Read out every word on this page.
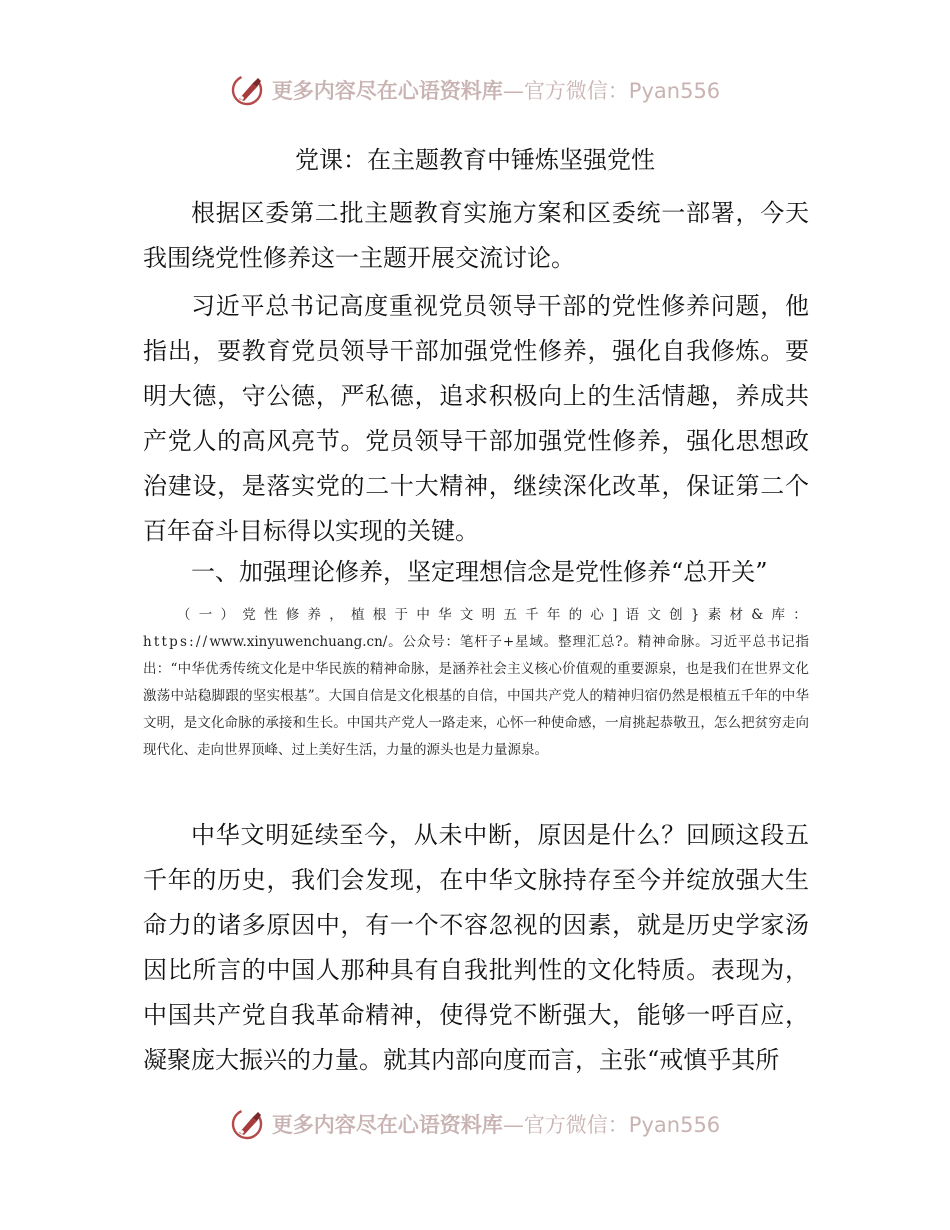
更多内容尽在心语资料库—官方微信：Pyan556
党课：在主题教育中锤炼坚强党性

根据区委第二批主题教育实施方案和区委统一部署，今天我围绕党性修养这一主题开展交流讨论。

习近平总书记高度重视党员领导干部的党性修养问题，他指出，要教育党员领导干部加强党性修养，强化自我修炼。要明大德，守公德，严私德，追求积极向上的生活情趣，养成共产党人的高风亮节。党员领导干部加强党性修养，强化思想政治建设，是落实党的二十大精神，继续深化改革，保证第二个百年奋斗目标得以实现的关键。

一、加强理论修养，坚定理想信念是党性修养“总开关”

（一）党性修养，植根于中华文明五千年的心]语文创}素材&库：https://www.xinyuwenchuang.cn/。公众号：笔杆子+星域。整理汇总?。精神命脉。习近平总书记指出：“中华优秀传统文化是中华民族的精神命脉，是涵养社会主义核心价值观的重要源泉，也是我们在世界文化激荡中站稳脚跟的坚实根基”。大国自信是文化根基的自信，中国共产党人的精神归宿仍然是根植五千年的中华文明，是文化命脉的承接和生长。中国共产党人一路走来，心怀一种使命感，一肩挑起恭敬丑，怎么把贫穷走向现代化、走向世界顶峰、过上美好生活，力量的源头也是力量源泉。

中华文明延续至今，从未中断，原因是什么？回顾这段五千年的历史，我们会发现，在中华文脉持存至今并绽放强大生命力的诸多原因中，有一个不容忽视的因素，就是历史学家汤因比所言的中国人那种具有自我批判性的文化特质。表现为，中国共产党自我革命精神，使得党不断强大，能够一呼百应，凝聚庞大振兴的力量。就其内部向度而言，主张“戒慎乎其所

更多内容尽在心语资料库—官方微信：Pyan556
